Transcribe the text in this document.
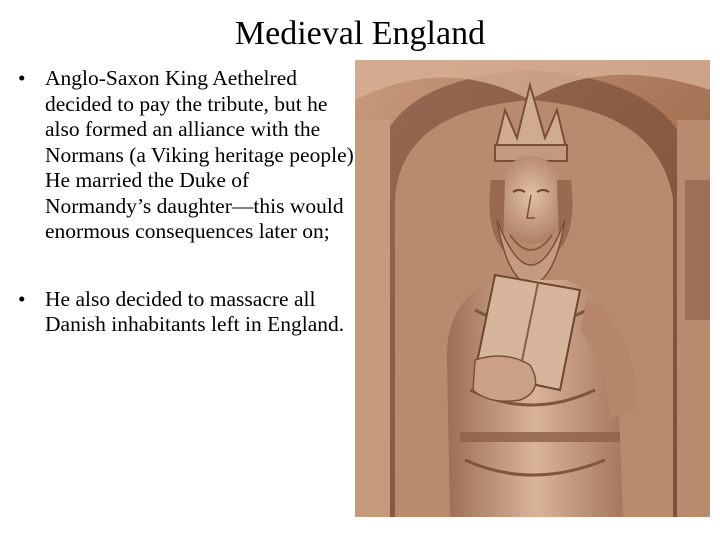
Medieval England
• Anglo-Saxon King Aethelred decided to pay the tribute, but he also formed an alliance with the Normans (a Viking heritage people) He married the Duke of Normandy’s daughter—this would enormous consequences later on;
• He also decided to massacre all Danish inhabitants left in England.
